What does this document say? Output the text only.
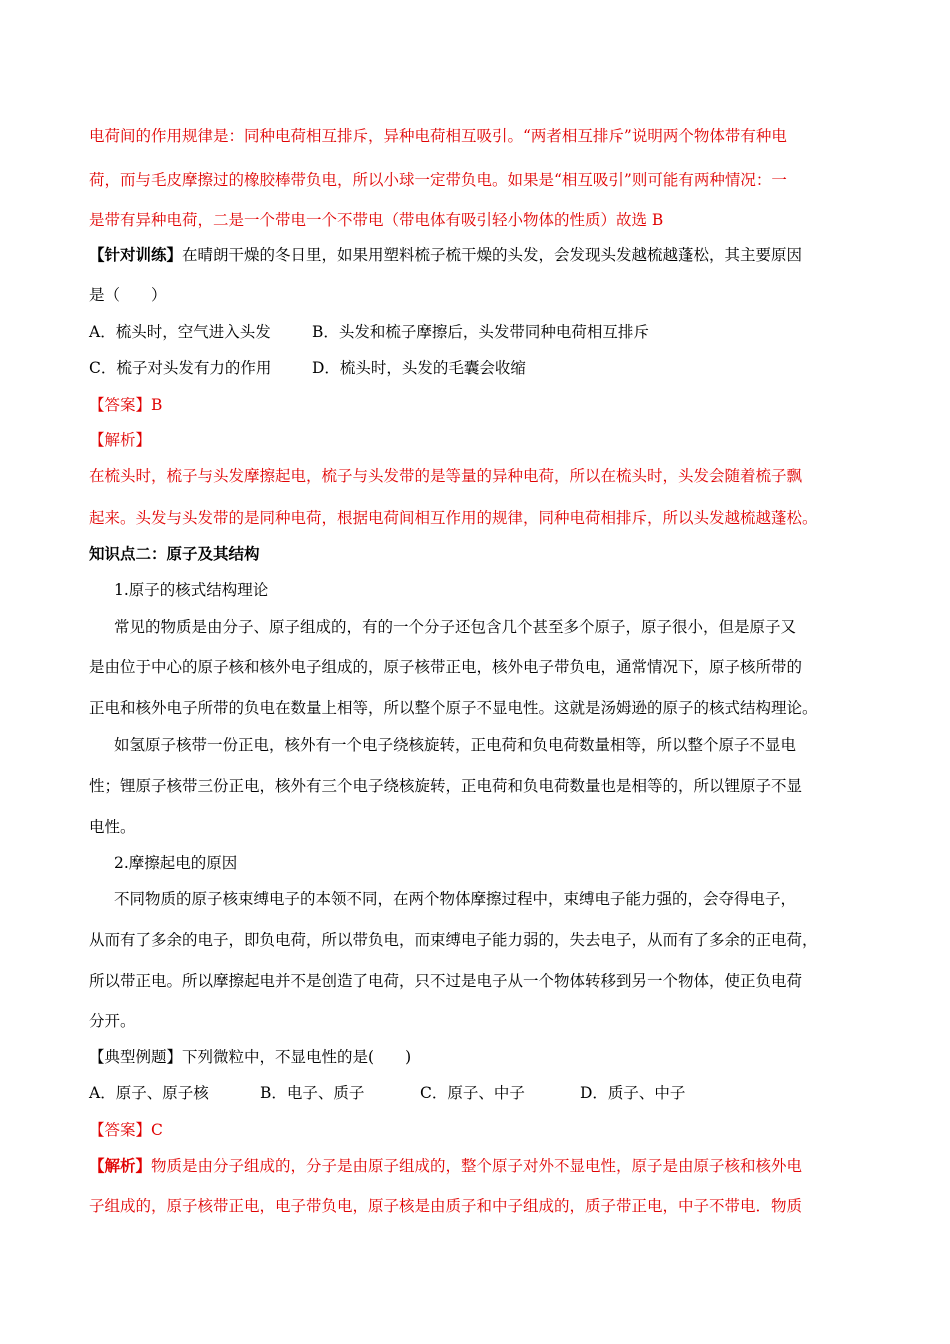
电荷间的作用规律是：同种电荷相互排斥，异种电荷相互吸引。“两者相互排斥”说明两个物体带有种电
荷，而与毛皮摩擦过的橡胶棒带负电，所以小球一定带负电。如果是“相互吸引”则可能有两种情况：一
是带有异种电荷，二是一个带电一个不带电（带电体有吸引轻小物体的性质）故选 B
【针对训练】在晴朗干燥的冬日里，如果用塑料梳子梳干燥的头发，会发现头发越梳越蓬松，其主要原因
是（　　）
A．梳头时，空气进入头发	B．头发和梳子摩擦后，头发带同种电荷相互排斥
C．梳子对头发有力的作用	D．梳头时，头发的毛囊会收缩
【答案】B
【解析】
在梳头时，梳子与头发摩擦起电，梳子与头发带的是等量的异种电荷，所以在梳头时，头发会随着梳子飘
起来。头发与头发带的是同种电荷，根据电荷间相互作用的规律，同种电荷相排斥，所以头发越梳越蓬松。
知识点二：原子及其结构
1.原子的核式结构理论
常见的物质是由分子、原子组成的，有的一个分子还包含几个甚至多个原子，原子很小，但是原子又
是由位于中心的原子核和核外电子组成的，原子核带正电，核外电子带负电，通常情况下，原子核所带的
正电和核外电子所带的负电在数量上相等，所以整个原子不显电性。这就是汤姆逊的原子的核式结构理论。
如氢原子核带一份正电，核外有一个电子绕核旋转，正电荷和负电荷数量相等，所以整个原子不显电
性；锂原子核带三份正电，核外有三个电子绕核旋转，正电荷和负电荷数量也是相等的，所以锂原子不显
电性。
2.摩擦起电的原因
不同物质的原子核束缚电子的本领不同，在两个物体摩擦过程中，束缚电子能力强的，会夺得电子，
从而有了多余的电子，即负电荷，所以带负电，而束缚电子能力弱的，失去电子，从而有了多余的正电荷，
所以带正电。所以摩擦起电并不是创造了电荷，只不过是电子从一个物体转移到另一个物体，使正负电荷
分开。
【典型例题】下列微粒中，不显电性的是(　　)
A．原子、原子核	B．电子、质子	C．原子、中子	D．质子、中子
【答案】C
【解析】物质是由分子组成的，分子是由原子组成的，整个原子对外不显电性，原子是由原子核和核外电
子组成的，原子核带正电，电子带负电，原子核是由质子和中子组成的，质子带正电，中子不带电．物质
